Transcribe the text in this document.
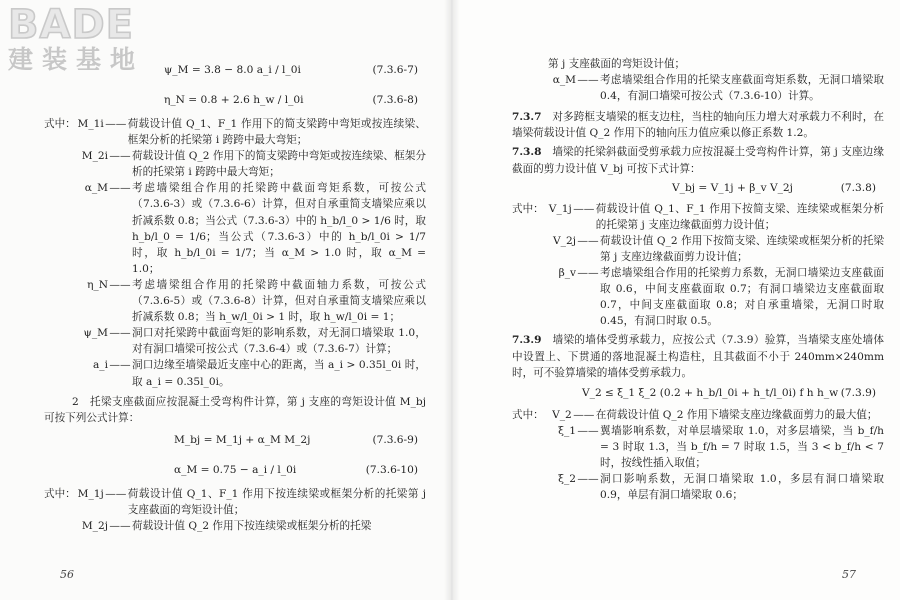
BADE
建装基地	ψ_M = 3.8 − 8.0 a_i / l_0i	(7.3.6-7)
η_N = 0.8 + 2.6 h_w / l_0i	(7.3.6-8)
式中： M_1i —— 荷载设计值 Q_1、F_1 作用下的简支梁跨中弯矩或按连续梁、框架分析的托梁第 i 跨跨中最大弯矩；
M_2i —— 荷载设计值 Q_2 作用下的简支梁跨中弯矩或按连续梁、框架分析的托梁第 i 跨跨中最大弯矩；
α_M —— 考虑墙梁组合作用的托梁跨中截面弯矩系数，可按公式（7.3.6-3）或（7.3.6-6）计算，但对自承重简支墙梁应乘以折减系数 0.8；当公式（7.3.6-3）中的 h_b/l_0 > 1/6 时，取 h_b/l_0 = 1/6；当公式（7.3.6-3）中的 h_b/l_0i > 1/7 时，取 h_b/l_0i = 1/7；当 α_M > 1.0 时，取 α_M = 1.0；
η_N —— 考虑墙梁组合作用的托梁跨中截面轴力系数，可按公式（7.3.6-5）或（7.3.6-8）计算，但对自承重简支墙梁应乘以折减系数 0.8；当 h_w/l_0i > 1 时，取 h_w/l_0i = 1；
ψ_M —— 洞口对托梁跨中截面弯矩的影响系数，对无洞口墙梁取 1.0，对有洞口墙梁可按公式（7.3.6-4）或（7.3.6-7）计算；
a_i —— 洞口边缘至墙梁最近支座中心的距离，当 a_i > 0.35l_0i 时，取 a_i = 0.35l_0i。

2　托梁支座截面应按混凝土受弯构件计算，第 j 支座的弯矩设计值 M_bj 可按下列公式计算：

M_bj = M_1j + α_M M_2j	(7.3.6-9)
α_M = 0.75 − a_i / l_0i	(7.3.6-10)
式中： M_1j —— 荷载设计值 Q_1、F_1 作用下按连续梁或框架分析的托梁第 j 支座截面的弯矩设计值；
M_2j —— 荷载设计值 Q_2 作用下按连续梁或框架分析的托梁
56

第 j 支座截面的弯矩设计值；

α_M —— 考虑墙梁组合作用的托梁支座截面弯矩系数，无洞口墙梁取 0.4，有洞口墙梁可按公式（7.3.6-10）计算。

7.3.7　 对多跨框支墙梁的框支边柱，当柱的轴向压力增大对承载力不利时，在墙梁荷载设计值 Q_2 作用下的轴向压力值应乘以修正系数 1.2。

7.3.8　 墙梁的托梁斜截面受剪承载力应按混凝土受弯构件计算，第 j 支座边缘截面的剪力设计值 V_bj 可按下式计算：

V_bj = V_1j + β_v V_2j	(7.3.8)
式中： V_1j —— 荷载设计值 Q_1、F_1 作用下按简支梁、连续梁或框架分析的托梁第 j 支座边缘截面剪力设计值；
V_2j —— 荷载设计值 Q_2 作用下按简支梁、连续梁或框架分析的托梁第 j 支座边缘截面剪力设计值；
β_v —— 考虑墙梁组合作用的托梁剪力系数，无洞口墙梁边支座截面取 0.6，中间支座截面取 0.7；有洞口墙梁边支座截面取 0.7，中间支座截面取 0.8；对自承重墙梁，无洞口时取 0.45，有洞口时取 0.5。

7.3.9　 墙梁的墙体受剪承载力，应按公式（7.3.9）验算，当墙梁支座处墙体中设置上、下贯通的落地混凝土构造柱，且其截面不小于 240mm×240mm 时，可不验算墙梁的墙体受剪承载力。

V_2 ≤ ξ_1 ξ_2 (0.2 + h_b/l_0i + h_t/l_0i) f h h_w (7.3.9)
式中： V_2 —— 在荷载设计值 Q_2 作用下墙梁支座边缘截面剪力的最大值；
ξ_1 —— 翼墙影响系数，对单层墙梁取 1.0，对多层墙梁，当 b_f/h = 3 时取 1.3，当 b_f/h = 7 时取 1.5，当 3 < b_f/h < 7 时，按线性插入取值；
ξ_2 —— 洞口影响系数，无洞口墙梁取 1.0，多层有洞口墙梁取 0.9，单层有洞口墙梁取 0.6；
57
